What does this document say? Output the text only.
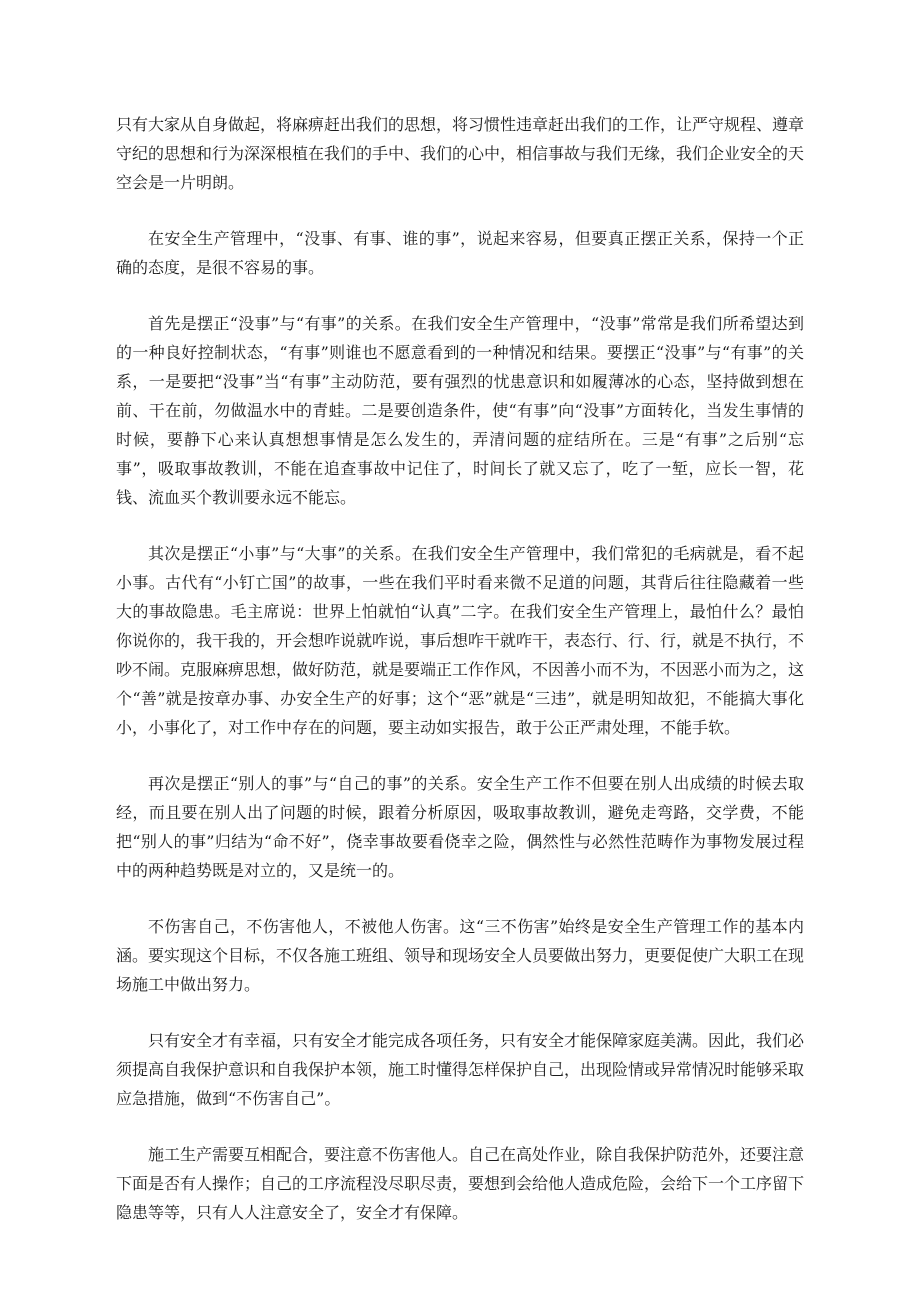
只有大家从自身做起，将麻痹赶出我们的思想，将习惯性违章赶出我们的工作，让严守规程、遵章守纪的思想和行为深深根植在我们的手中、我们的心中，相信事故与我们无缘，我们企业安全的天空会是一片明朗。

在安全生产管理中，“没事、有事、谁的事”，说起来容易，但要真正摆正关系，保持一个正确的态度，是很不容易的事。

首先是摆正“没事”与“有事”的关系。在我们安全生产管理中，“没事”常常是我们所希望达到的一种良好控制状态，“有事”则谁也不愿意看到的一种情况和结果。要摆正“没事”与“有事”的关系，一是要把“没事”当“有事”主动防范，要有强烈的忧患意识和如履薄冰的心态，坚持做到想在前、干在前，勿做温水中的青蛙。二是要创造条件，使“有事”向“没事”方面转化，当发生事情的时候，要静下心来认真想想事情是怎么发生的，弄清问题的症结所在。三是“有事”之后别“忘事”，吸取事故教训，不能在追查事故中记住了，时间长了就又忘了，吃了一堑，应长一智，花钱、流血买个教训要永远不能忘。

其次是摆正“小事”与“大事”的关系。在我们安全生产管理中，我们常犯的毛病就是，看不起小事。古代有“小钉亡国”的故事，一些在我们平时看来微不足道的问题，其背后往往隐藏着一些大的事故隐患。毛主席说：世界上怕就怕“认真”二字。在我们安全生产管理上，最怕什么？最怕你说你的，我干我的，开会想咋说就咋说，事后想咋干就咋干，表态行、行、行，就是不执行，不吵不闹。克服麻痹思想，做好防范，就是要端正工作作风，不因善小而不为，不因恶小而为之，这个“善”就是按章办事、办安全生产的好事；这个“恶”就是“三违”，就是明知故犯，不能搞大事化小，小事化了，对工作中存在的问题，要主动如实报告，敢于公正严肃处理，不能手软。

再次是摆正“别人的事”与“自己的事”的关系。安全生产工作不但要在别人出成绩的时候去取经，而且要在别人出了问题的时候，跟着分析原因，吸取事故教训，避免走弯路，交学费，不能把“别人的事”归结为“命不好”，侥幸事故要看侥幸之险，偶然性与必然性范畴作为事物发展过程中的两种趋势既是对立的，又是统一的。

不伤害自己，不伤害他人，不被他人伤害。这“三不伤害”始终是安全生产管理工作的基本内涵。要实现这个目标，不仅各施工班组、领导和现场安全人员要做出努力，更要促使广大职工在现场施工中做出努力。

只有安全才有幸福，只有安全才能完成各项任务，只有安全才能保障家庭美满。因此，我们必须提高自我保护意识和自我保护本领，施工时懂得怎样保护自己，出现险情或异常情况时能够采取应急措施，做到“不伤害自己”。

施工生产需要互相配合，要注意不伤害他人。自己在高处作业，除自我保护防范外，还要注意下面是否有人操作；自己的工序流程没尽职尽责，要想到会给他人造成危险，会给下一个工序留下隐患等等，只有人人注意安全了，安全才有保障。
